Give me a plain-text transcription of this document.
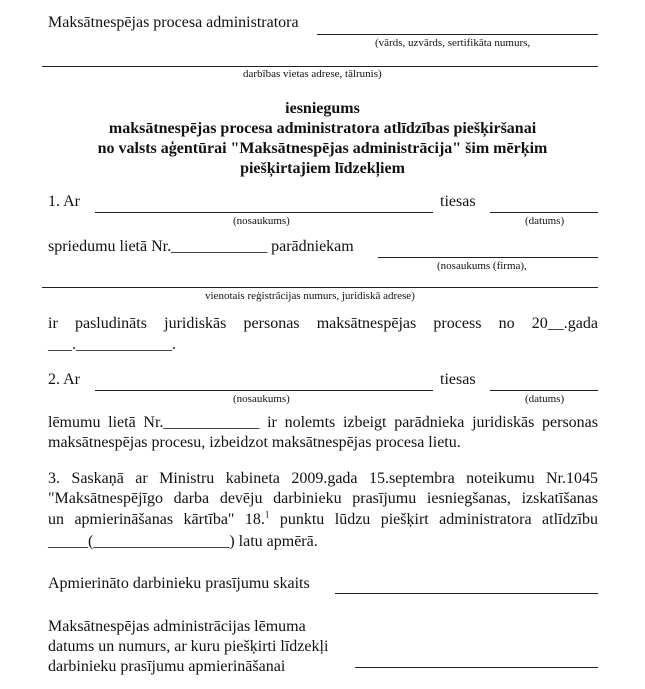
Maksātnespējas procesa administratora
(vārds, uzvārds, sertifikāta numurs,
darbības vietas adrese, tālrunis)
iesniegums
maksātnespējas procesa administratora atlīdzības piešķiršanai
no valsts aģentūrai "Maksātnespējas administrācija" šim mērķim
piešķirtajiem līdzekļiem
1. Ar	tiesas
(nosaukums)	(datums)
spriedumu lietā Nr.____________ parādniekam
(nosaukums (firma),
vienotais reģistrācijas numurs, juridiskā adrese)
ir pasludināts juridiskās personas maksātnespējas process no 20__.gada
___.____________.
2. Ar	tiesas
(nosaukums)	(datums)
lēmumu lietā Nr.____________ ir nolemts izbeigt parādnieka juridiskās personas
maksātnespējas procesu, izbeidzot maksātnespējas procesa lietu.
3. Saskaņā ar Ministru kabineta 2009.gada 15.septembra noteikumu Nr.1045
"Maksātnespējīgo darba devēju darbinieku prasījumu iesniegšanas, izskatīšanas
un apmierināšanas kārtība" 18.$^1$ punktu lūdzu piešķirt administratora atlīdzību
_____(_________________) latu apmērā.
Apmierināto darbinieku prasījumu skaits
Maksātnespējas administrācijas lēmuma
datums un numurs, ar kuru piešķirti līdzekļi
darbinieku prasījumu apmierināšanai
